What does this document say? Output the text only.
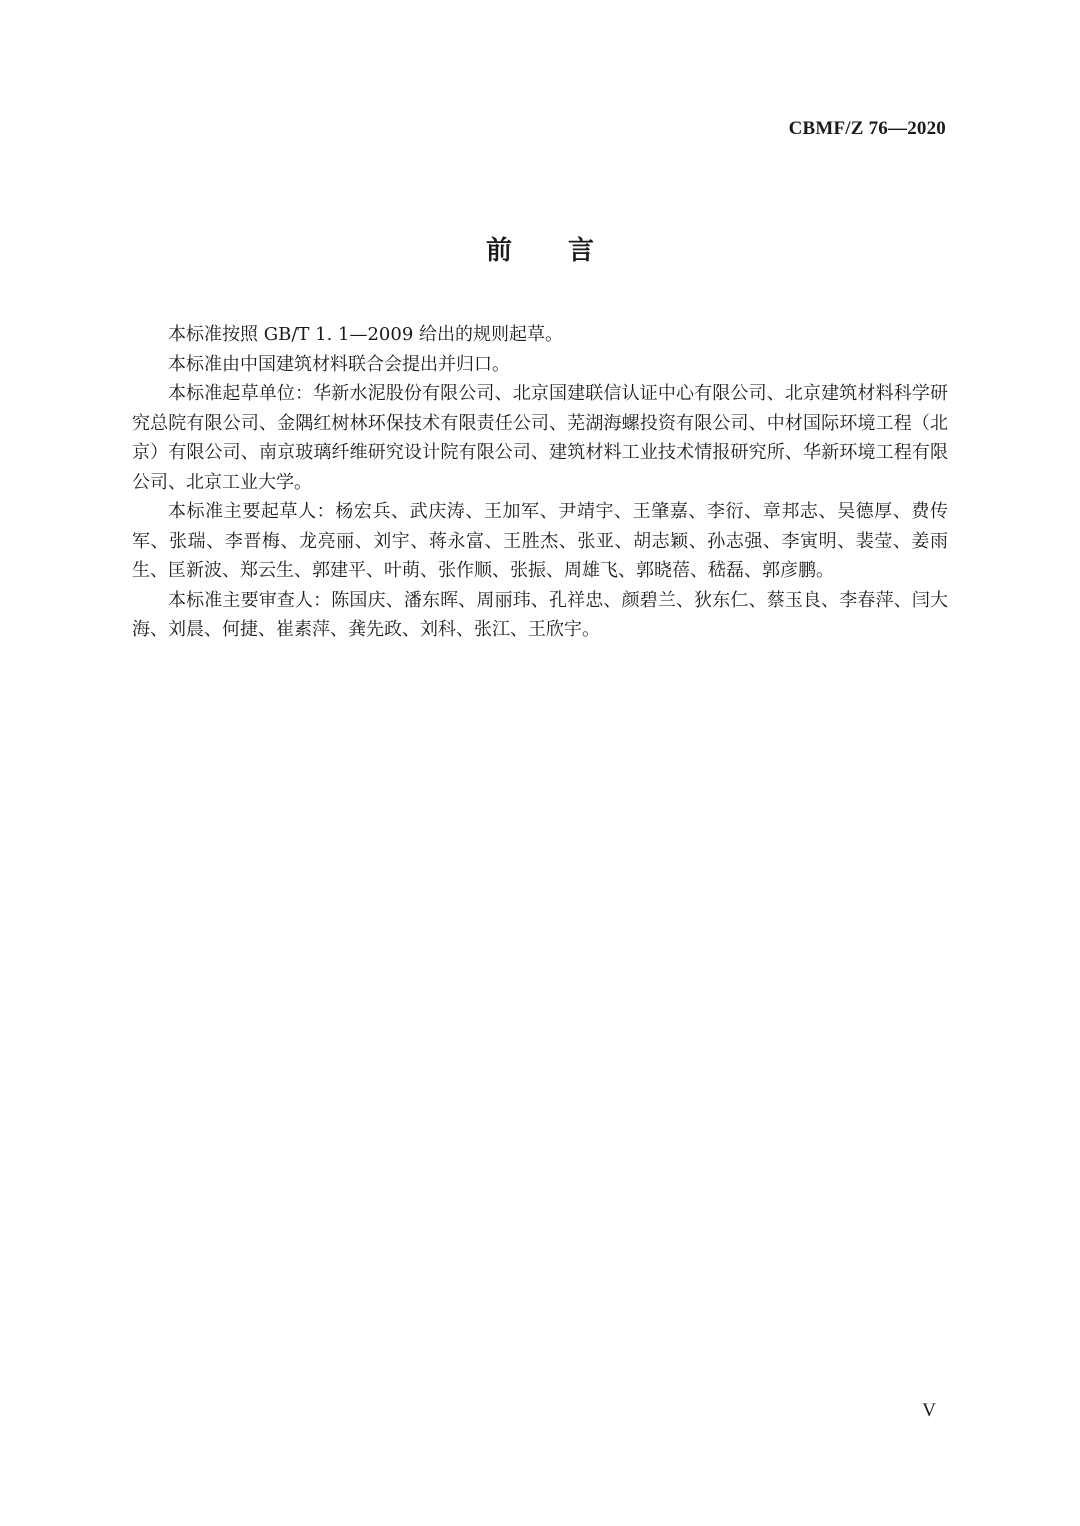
CBMF/Z 76—2020
前言

本标准按照 GB/T 1. 1—2009 给出的规则起草。

本标准由中国建筑材料联合会提出并归口。

本标准起草单位：华新水泥股份有限公司、北京国建联信认证中心有限公司、北京建筑材料科学研究总院有限公司、金隅红树林环保技术有限责任公司、芜湖海螺投资有限公司、中材国际环境工程（北京）有限公司、南京玻璃纤维研究设计院有限公司、建筑材料工业技术情报研究所、华新环境工程有限公司、北京工业大学。

本标准主要起草人：杨宏兵、武庆涛、王加军、尹靖宇、王肇嘉、李衍、章邦志、吴德厚、费传军、张瑞、李晋梅、龙亮丽、刘宇、蒋永富、王胜杰、张亚、胡志颖、孙志强、李寅明、裴莹、姜雨生、匡新波、郑云生、郭建平、叶萌、张作顺、张振、周雄飞、郭晓蓓、嵇磊、郭彦鹏。

本标准主要审查人：陈国庆、潘东晖、周丽玮、孔祥忠、颜碧兰、狄东仁、蔡玉良、李春萍、闫大海、刘晨、何捷、崔素萍、龚先政、刘科、张江、王欣宇。

V
